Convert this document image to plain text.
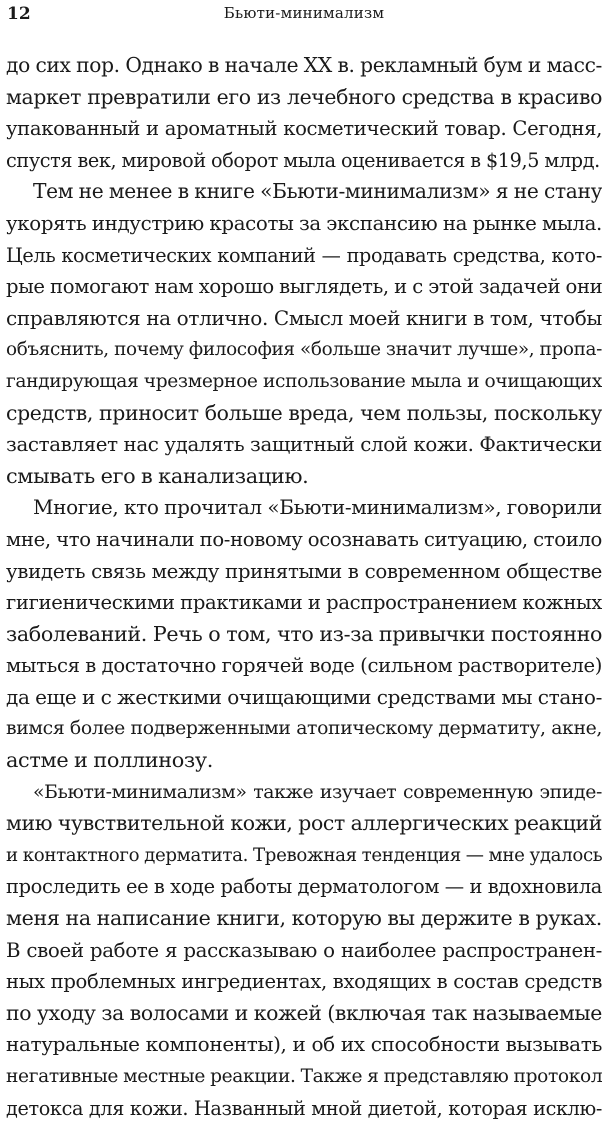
12	Бьюти-минимализм
до сих пор. Однако в начале XX в. рекламный бум и масс-
маркет превратили его из лечебного средства в красиво
упакованный и ароматный косметический товар. Сегодня,
спустя век, мировой оборот мыла оценивается в $19,5 млрд.
Тем не менее в книге «Бьюти-минимализм» я не стану
укорять индустрию красоты за экспансию на рынке мыла.
Цель косметических компаний — продавать средства, кото-
рые помогают нам хорошо выглядеть, и с этой задачей они
справляются на отлично. Смысл моей книги в том, чтобы
объяснить, почему философия «больше значит лучше», пропа-
гандирующая чрезмерное использование мыла и очищающих
средств, приносит больше вреда, чем пользы, поскольку
заставляет нас удалять защитный слой кожи. Фактически
смывать его в канализацию.
Многие, кто прочитал «Бьюти-минимализм», говорили
мне, что начинали по-новому осознавать ситуацию, стоило
увидеть связь между принятыми в современном обществе
гигиеническими практиками и распространением кожных
заболеваний. Речь о том, что из-за привычки постоянно
мыться в достаточно горячей воде (сильном растворителе)
да еще и с жесткими очищающими средствами мы стано-
вимся более подверженными атопическому дерматиту, акне,
астме и поллинозу.
«Бьюти-минимализм» также изучает современную эпиде-
мию чувствительной кожи, рост аллергических реакций
и контактного дерматита. Тревожная тенденция — мне удалось
проследить ее в ходе работы дерматологом — и вдохновила
меня на написание книги, которую вы держите в руках.
В своей работе я рассказываю о наиболее распространен-
ных проблемных ингредиентах, входящих в состав средств
по уходу за волосами и кожей (включая так называемые
натуральные компоненты), и об их способности вызывать
негативные местные реакции. Также я представляю протокол
детокса для кожи. Названный мной диетой, которая исклю-
